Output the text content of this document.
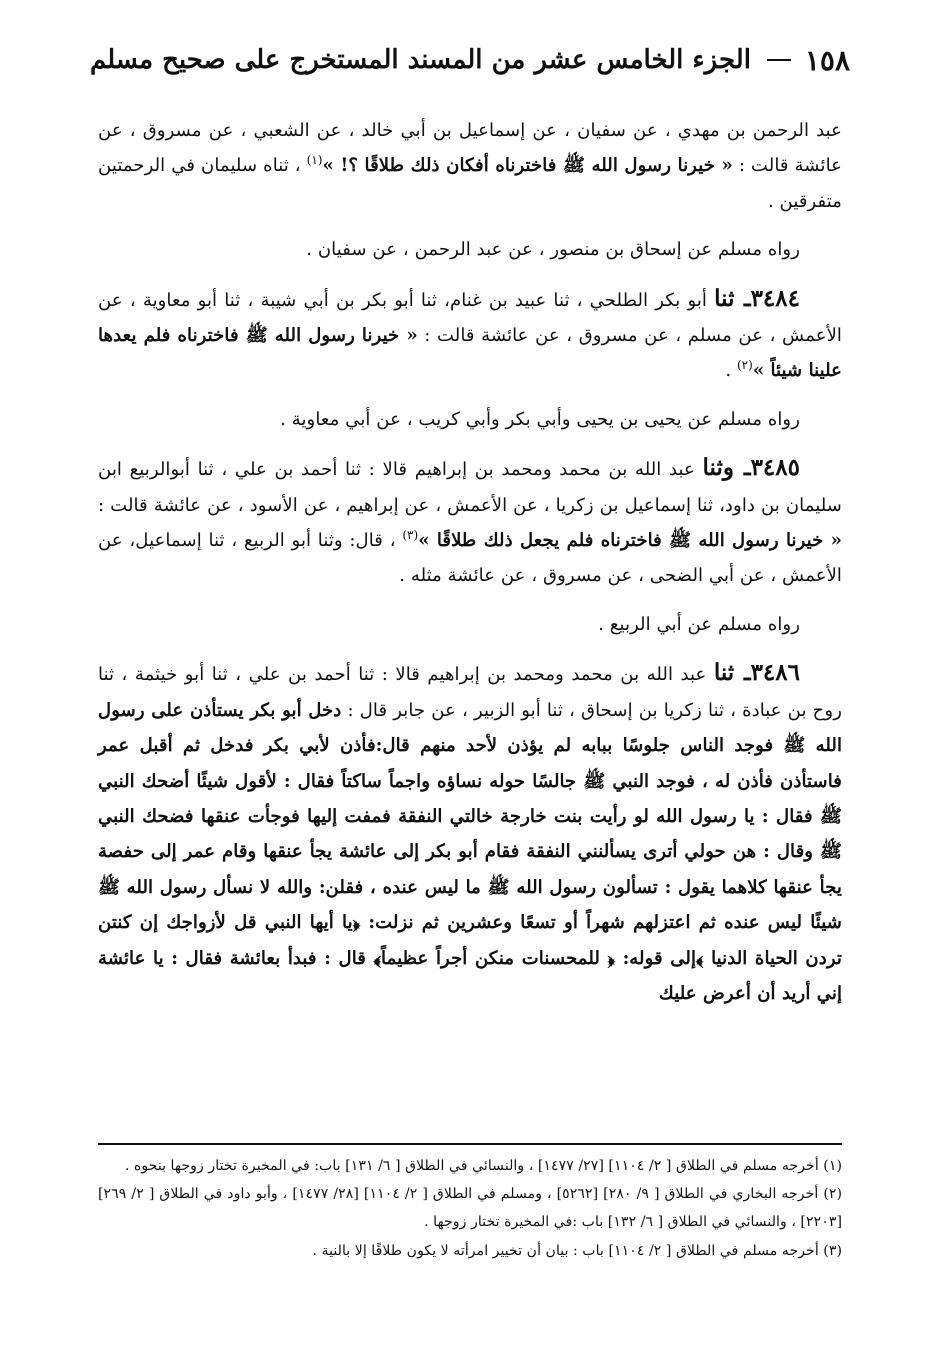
١٥٨
الجزء الخامس عشر من المسند المستخرج على صحيح مسلم

عبد الرحمن بن مهدي ، عن سفيان ، عن إسماعيل بن أبي خالد ، عن الشعبي ، عن مسروق ، عن عائشة قالت : « خيرنا رسول الله ﷺ فاخترناه أفكان ذلك طلاقًا ؟! »$^{(١)}$ ، ثناه سليمان في الرحمتين متفرقين .

رواه مسلم عن إسحاق بن منصور ، عن عبد الرحمن ، عن سفيان .

٣٤٨٤ـ ثنا أبو بكر الطلحي ، ثنا عبيد بن غنام، ثنا أبو بكر بن أبي شيبة ، ثنا أبو معاوية ، عن الأعمش ، عن مسلم ، عن مسروق ، عن عائشة قالت : « خيرنا رسول الله ﷺ فاخترناه فلم يعدها علينا شيئاً »$^{(٢)}$ .

رواه مسلم عن يحيى بن يحيى وأبي بكر وأبي كريب ، عن أبي معاوية .

٣٤٨٥ـ وثنا عبد الله بن محمد ومحمد بن إبراهيم قالا : ثنا أحمد بن علي ، ثنا أبوالربيع ابن سليمان بن داود، ثنا إسماعيل بن زكريا ، عن الأعمش ، عن إبراهيم ، عن الأسود ، عن عائشة قالت : « خيرنا رسول الله ﷺ فاخترناه فلم يجعل ذلك طلاقًا »$^{(٣)}$ ، قال: وثنا أبو الربيع ، ثنا إسماعيل، عن الأعمش ، عن أبي الضحى ، عن مسروق ، عن عائشة مثله .

رواه مسلم عن أبي الربيع .

٣٤٨٦ـ ثنا عبد الله بن محمد ومحمد بن إبراهيم قالا : ثنا أحمد بن علي ، ثنا أبو خيثمة ، ثنا روح بن عبادة ، ثنا زكريا بن إسحاق ، ثنا أبو الزبير ، عن جابر قال : دخل أبو بكر يستأذن على رسول الله ﷺ فوجد الناس جلوسًا ببابه لم يؤذن لأحد منهم قال:فأذن لأبي بكر فدخل ثم أقبل عمر فاستأذن فأذن له ، فوجد النبي ﷺ جالسًا حوله نساؤه واجماً ساكتاً فقال : لأقول شيئًا أضحك النبي ﷺ فقال : يا رسول الله لو رأيت بنت خارجة خالتي النفقة فمفت إليها فوجأت عنقها فضحك النبي ﷺ وقال : هن حولي أترى يسألنني النفقة فقام أبو بكر إلى عائشة يجأ عنقها وقام عمر إلى حفصة يجأ عنقها كلاهما يقول : تسألون رسول الله ﷺ ما ليس عنده ، فقلن: والله لا نسأل رسول الله ﷺ شيئًا ليس عنده ثم اعتزلهم شهراً أو تسعًا وعشرين ثم نزلت: ﴿يا أيها النبي قل لأزواجك إن كنتن تردن الحياة الدنيا ﴾إلى قوله: ﴿ للمحسنات منكن أجراً عظيماً﴾ قال : فبدأ بعائشة فقال : يا عائشة إني أريد أن أعرض عليك

(١) أخرجه مسلم في الطلاق [ ٢/ ١١٠٤] [٢٧/ ١٤٧٧] ، والنسائي في الطلاق [ ٦/ ١٣١] باب: في المخيرة تختار زوجها بنحوه .

(٢) أخرجه البخاري في الطلاق [ ٩/ ٢٨٠] [٥٢٦٢] ، ومسلم في الطلاق [ ٢/ ١١٠٤] [٢٨/ ١٤٧٧] ، وأبو داود في الطلاق [ ٢/ ٢٦٩] [٢٢٠٣] ، والنسائي في الطلاق [ ٦/ ١٣٢] باب :في المخيرة تختار زوجها .

(٣) أخرجه مسلم في الطلاق [ ٢/ ١١٠٤] باب : بيان أن تخيير امرأته لا يكون طلاقًا إلا بالنية .
